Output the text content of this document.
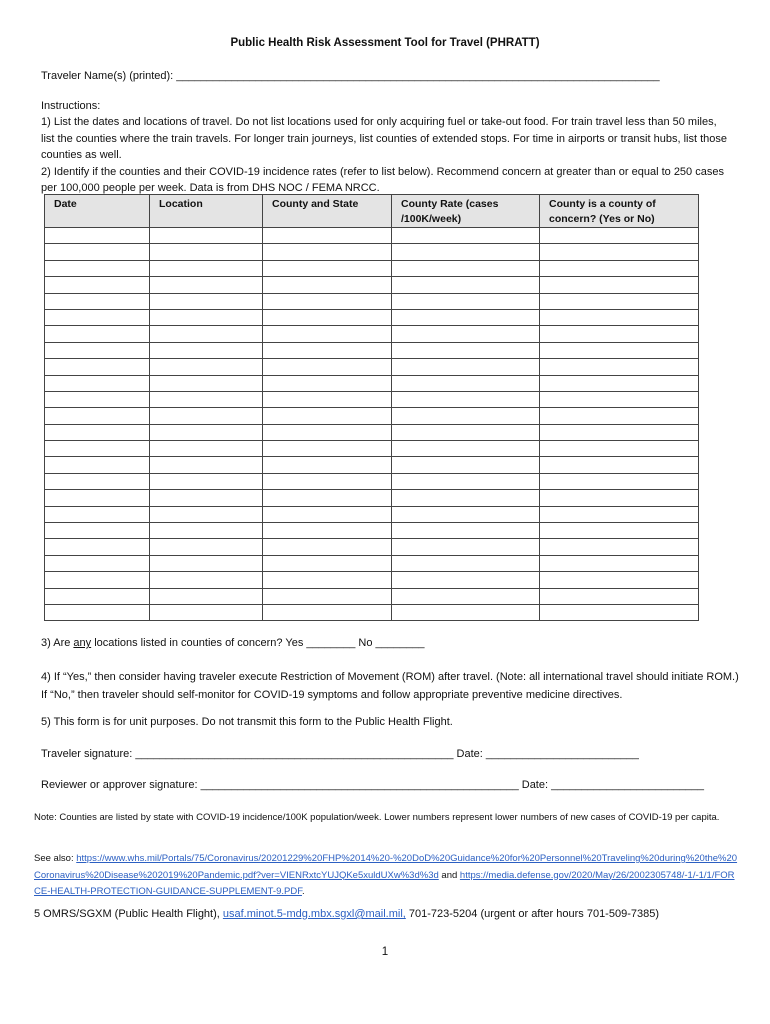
Public Health Risk Assessment Tool for Travel (PHRATT)
Traveler Name(s) (printed): _______________________________________________________________________________

Instructions:

1) List the dates and locations of travel. Do not list locations used for only acquiring fuel or take-out food. For train travel less than 50 miles, list the counties where the train travels. For longer train journeys, list counties of extended stops. For time in airports or transit hubs, list those counties as well.

2) Identify if the counties and their COVID-19 incidence rates (refer to list below). Recommend concern at greater than or equal to 250 cases per 100,000 people per week. Data is from DHS NOC / FEMA NRCC.

Date	Location	County and State	County Rate (cases /100K/week)	County is a county of concern? (Yes or No)

3) Are any locations listed in counties of concern? Yes ________ No ________
4) If “Yes,” then consider having traveler execute Restriction of Movement (ROM) after travel. (Note: all international travel should initiate ROM.) If “No,” then traveler should self-monitor for COVID-19 symptoms and follow appropriate preventive medicine directives.
5) This form is for unit purposes. Do not transmit this form to the Public Health Flight.
Traveler signature: ____________________________________________________ Date: _________________________
Reviewer or approver signature: ____________________________________________________ Date: _________________________
Note: Counties are listed by state with COVID-19 incidence/100K population/week. Lower numbers represent lower numbers of new cases of COVID-19 per capita.
See also: https://www.whs.mil/Portals/75/Coronavirus/20201229%20FHP%2014%20-%20DoD%20Guidance%20for%20Personnel%20Traveling%20during%20the%20Coronavirus%20Disease%202019%20Pandemic.pdf?ver=VIENRxtcYUJQKe5xuldUXw%3d%3d and https://media.defense.gov/2020/May/26/2002305748/-1/-1/1/FORCE-HEALTH-PROTECTION-GUIDANCE-SUPPLEMENT-9.PDF.
5 OMRS/SGXM (Public Health Flight), usaf.minot.5-mdg.mbx.sgxl@mail.mil, 701-723-5204 (urgent or after hours 701-509-7385)
1
